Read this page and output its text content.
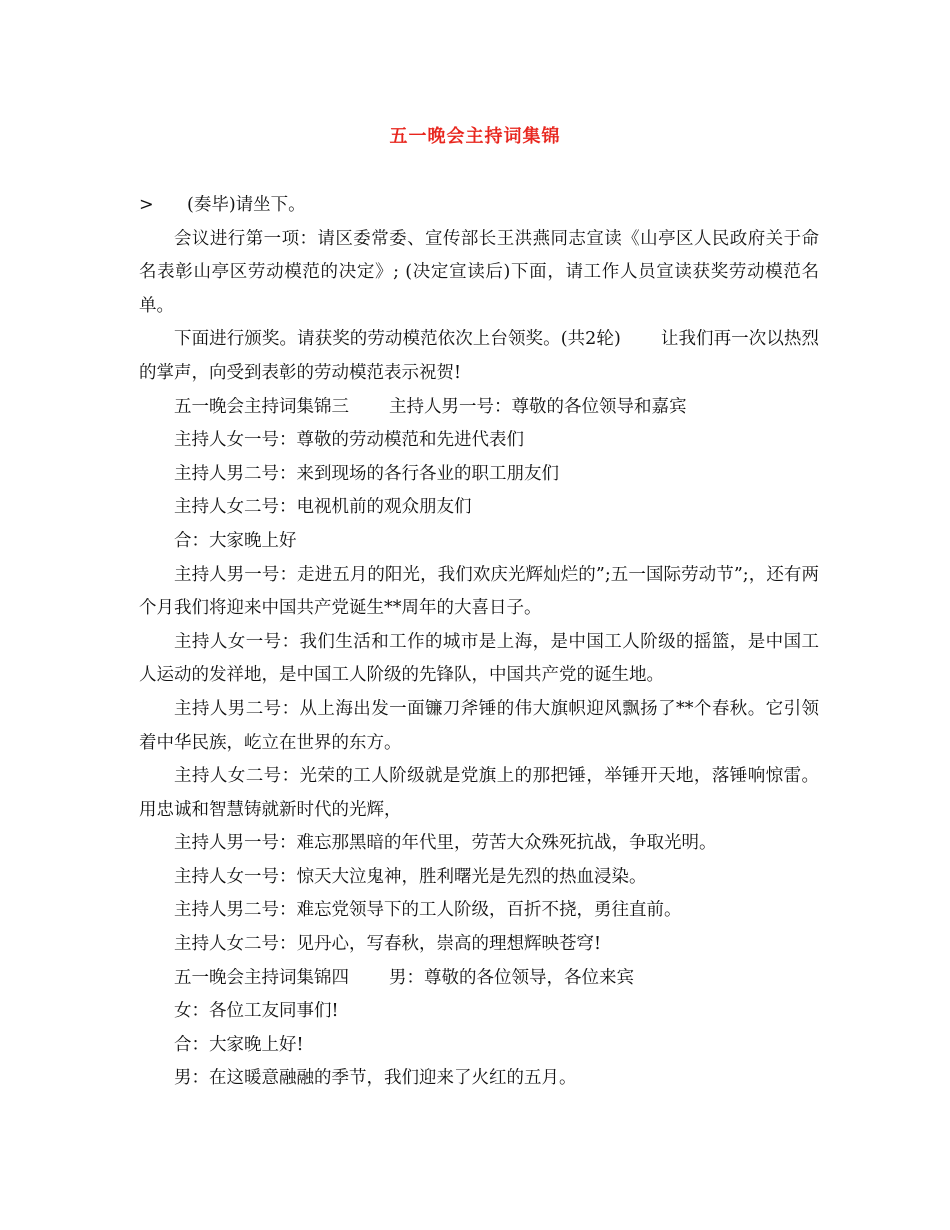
五一晚会主持词集锦

> (奏毕)请坐下。

会议进行第一项：请区委常委、宣传部长王洪燕同志宣读《山亭区人民政府关于命名表彰山亭区劳动模范的决定》; (决定宣读后)下面，请工作人员宣读获奖劳动模范名单。

下面进行颁奖。请获奖的劳动模范依次上台领奖。(共2轮) 让我们再一次以热烈的掌声，向受到表彰的劳动模范表示祝贺!

五一晚会主持词集锦三 主持人男一号：尊敬的各位领导和嘉宾

主持人女一号：尊敬的劳动模范和先进代表们

主持人男二号：来到现场的各行各业的职工朋友们

主持人女二号：电视机前的观众朋友们

合：大家晚上好

主持人男一号：走进五月的阳光，我们欢庆光辉灿烂的”;五一国际劳动节”;，还有两个月我们将迎来中国共产党诞生**周年的大喜日子。

主持人女一号：我们生活和工作的城市是上海，是中国工人阶级的摇篮，是中国工人运动的发祥地，是中国工人阶级的先锋队，中国共产党的诞生地。

主持人男二号：从上海出发一面镰刀斧锤的伟大旗帜迎风飘扬了**个春秋。它引领着中华民族，屹立在世界的东方。

主持人女二号：光荣的工人阶级就是党旗上的那把锤，举锤开天地，落锤响惊雷。用忠诚和智慧铸就新时代的光辉，

主持人男一号：难忘那黑暗的年代里，劳苦大众殊死抗战，争取光明。

主持人女一号：惊天大泣鬼神，胜利曙光是先烈的热血浸染。

主持人男二号：难忘党领导下的工人阶级，百折不挠，勇往直前。

主持人女二号：见丹心，写春秋，崇高的理想辉映苍穹!

五一晚会主持词集锦四 男：尊敬的各位领导，各位来宾

女：各位工友同事们!

合：大家晚上好!

男：在这暖意融融的季节，我们迎来了火红的五月。
